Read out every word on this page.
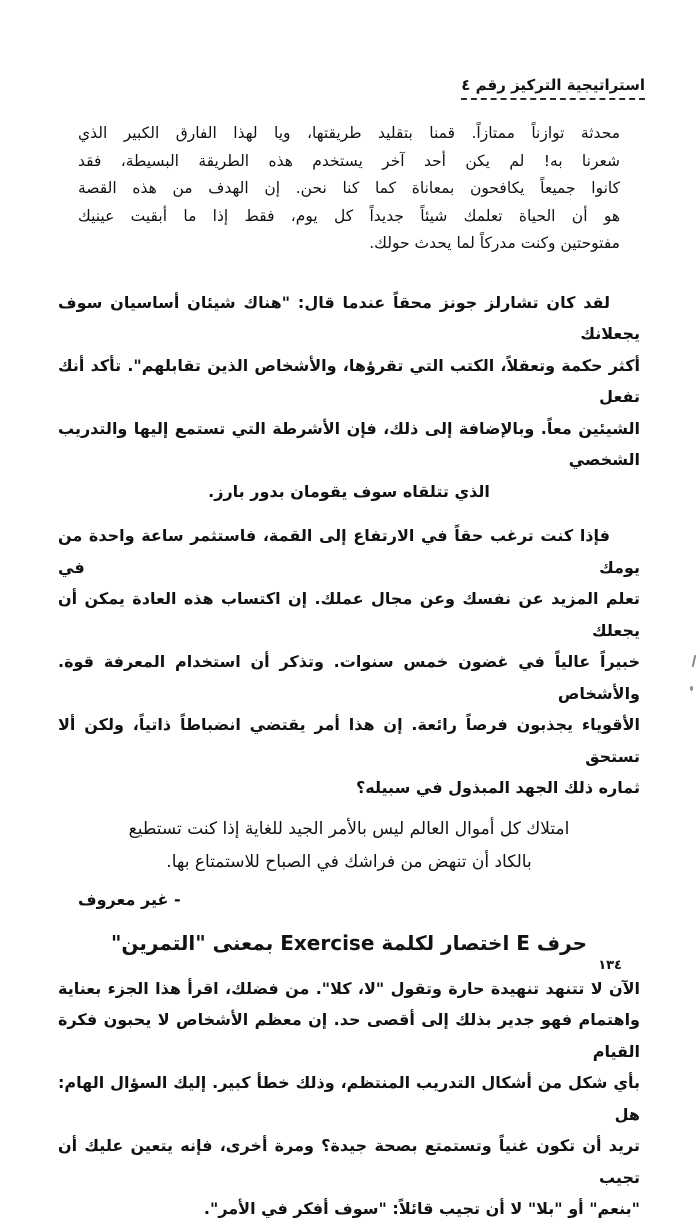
استراتيجية التركيز رقم ٤
محدثة توازناً ممتازاً. قمنا بتقليد طريقتها، ويا لهذا الفارق الكبير الذي
شعرنا به! لم يكن أحد آخر يستخدم هذه الطريقة البسيطة، فقد
كانوا جميعاً يكافحون بمعاناة كما كنا نحن. إن الهدف من هذه القصة
هو أن الحياة تعلمك شيئاً جديداً كل يوم، فقط إذا ما أبقيت عينيك
مفتوحتين وكنت مدركاً لما يحدث حولك.
لقد كان تشارلز جونز محقاً عندما قال: "هناك شيئان أساسيان سوف يجعلانك
أكثر حكمة وتعقلاً، الكتب التي تقرؤها، والأشخاص الذين تقابلهم". تأكد أنك تفعل
الشيئين معاً. وبالإضافة إلى ذلك، فإن الأشرطة التي تستمع إليها والتدريب الشخصي
الذي تتلقاه سوف يقومان بدور بارز.
فإذا كنت ترغب حقاً في الارتفاع إلى القمة، فاستثمر ساعة واحدة من يومك في
تعلم المزيد عن نفسك وعن مجال عملك. إن اكتساب هذه العادة يمكن أن يجعلك
خبيراً عالياً في غضون خمس سنوات. وتذكر أن استخدام المعرفة قوة. والأشخاص
الأقوياء يجذبون فرصاً رائعة. إن هذا أمر يقتضي انضباطاً ذاتياً، ولكن ألا تستحق
ثماره ذلك الجهد المبذول في سبيله؟
امتلاك كل أموال العالم ليس بالأمر الجيد للغاية إذا كنت تستطيع
بالكاد أن تنهض من فراشك في الصباح للاستمتاع بها.
- غير معروف
حرف E اختصار لكلمة Exercise بمعنى "التمرين"
الآن لا تتنهد تنهيدة حارة وتقول "لا، كلا". من فضلك، اقرأ هذا الجزء بعناية
واهتمام فهو جدير بذلك إلى أقصى حد. إن معظم الأشخاص لا يحبون فكرة القيام
بأي شكل من أشكال التدريب المنتظم، وذلك خطأ كبير. إليك السؤال الهام: هل
تريد أن تكون غنياً وتستمتع بصحة جيدة؟ ومرة أخرى، فإنه يتعين عليك أن تجيب
"بنعم" أو "بلا" لا أن تجيب قائلاً: "سوف أفكر في الأمر".
١٣٤
